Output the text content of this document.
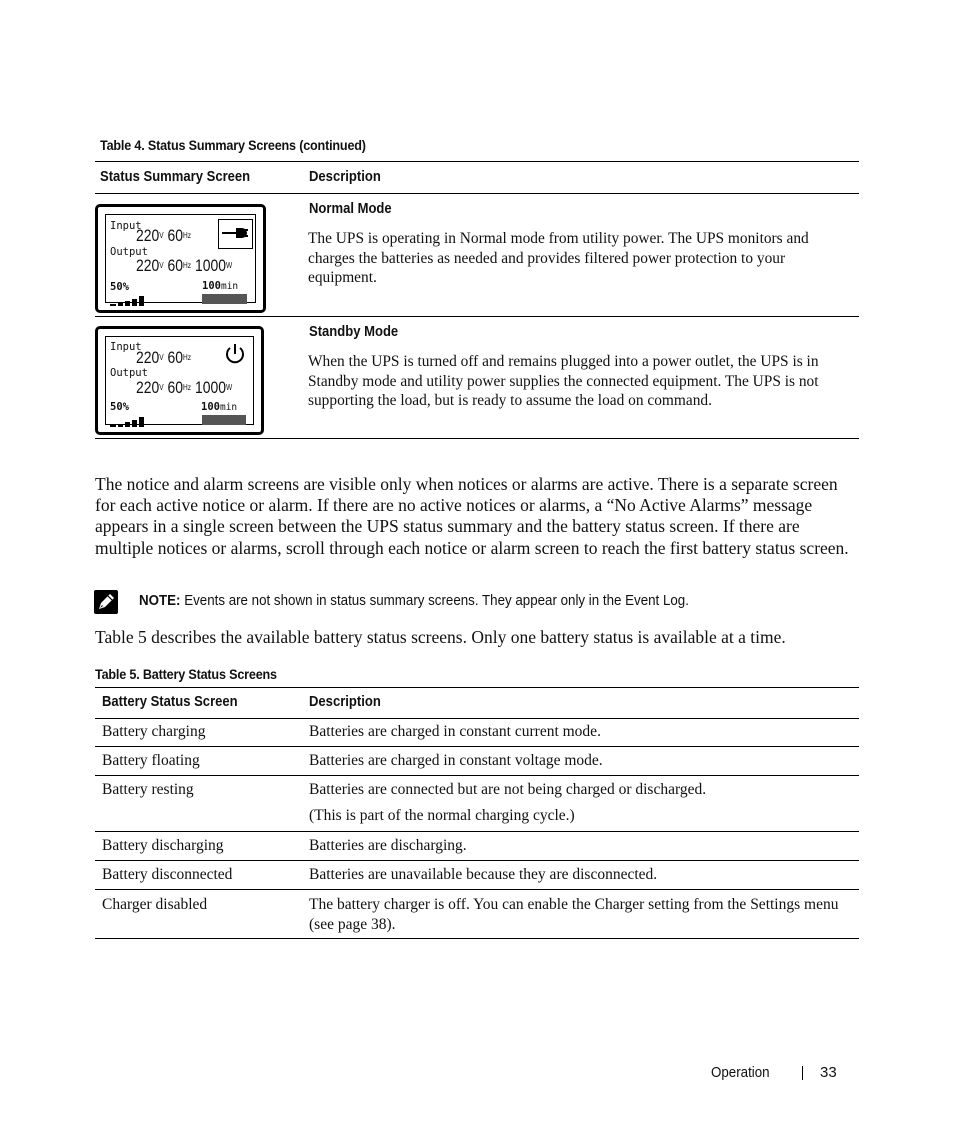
Table 4. Status Summary Screens (continued)
Status Summary Screen	Description
Input
$220^V$ $60^{Hz}$
Output
$220^V$ $60^{Hz}$ $1000^W$
50%	100min
Normal Mode
The UPS is operating in Normal mode from utility power. The UPS monitors and charges the batteries as needed and provides filtered power protection to your equipment.
Input
$220^V$ $60^{Hz}$
Output
$220^V$ $60^{Hz}$ $1000^W$
50%	100min
Standby Mode
When the UPS is turned off and remains plugged into a power outlet, the UPS is in Standby mode and utility power supplies the connected equipment. The UPS is not supporting the load, but is ready to assume the load on command.
The notice and alarm screens are visible only when notices or alarms are active. There is a separate screen for each active notice or alarm. If there are no active notices or alarms, a “No Active Alarms” message appears in a single screen between the UPS status summary and the battery status screen. If there are multiple notices or alarms, scroll through each notice or alarm screen to reach the first battery status screen.
NOTE: Events are not shown in status summary screens. They appear only in the Event Log.
Table 5 describes the available battery status screens. Only one battery status is available at a time.
Table 5. Battery Status Screens
Battery Status Screen	Description
Battery charging	Batteries are charged in constant current mode.
Battery floating	Batteries are charged in constant voltage mode.
Battery resting	Batteries are connected but are not being charged or discharged.
(This is part of the normal charging cycle.)
Battery discharging	Batteries are discharging.
Battery disconnected	Batteries are unavailable because they are disconnected.
Charger disabled	The battery charger is off. You can enable the Charger setting from the Settings menu (see page 38).
Operation	33
